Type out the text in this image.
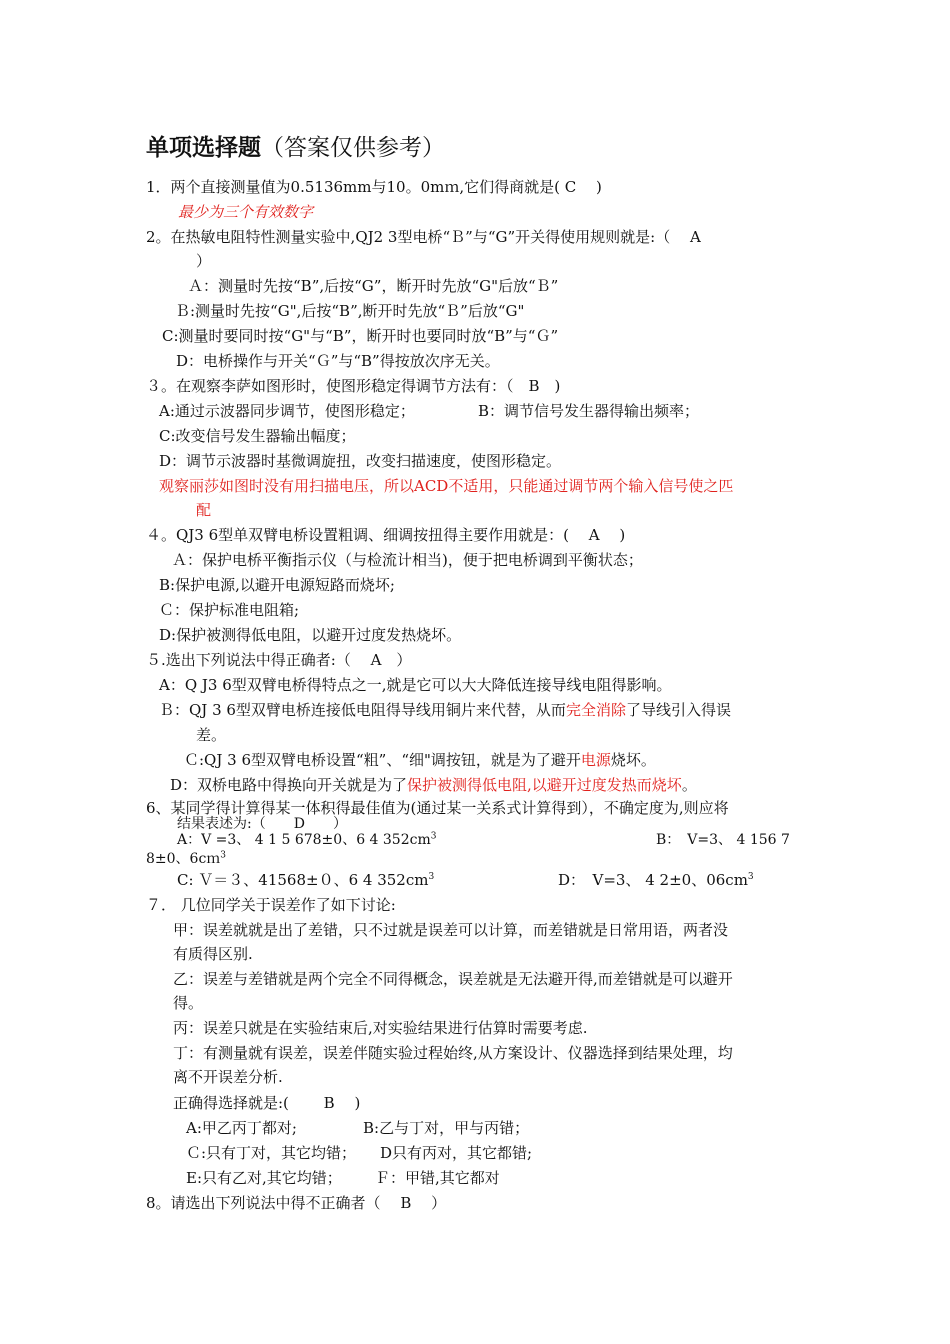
单项选择题（答案仅供参考）
1．两个直接测量值为0.5136mm与10。0mｍ,它们得商就是( C　 )
最少为三个有效数字
2。在热敏电阻特性测量实验中,QJ2 3型电桥“Ｂ”与“G”开关得使用规则就是:（　 A
）
Ａ：测量时先按“B”,后按“G”，断开时先放“G"后放“Ｂ”
Ｂ:测量时先按“G",后按“B”,断开时先放“Ｂ”后放“G"
C:测量时要同时按“G"与“B”，断开时也要同时放“B”与“Ｇ”
D：电桥操作与开关“Ｇ”与“B”得按放次序无关。
３。在观察李萨如图形时，使图形稳定得调节方法有：（　B　)
A:通过示波器同步调节，使图形稳定；	B：调节信号发生器得输出频率；
C:改变信号发生器输出幅度；
D：调节示波器时基微调旋扭，改变扫描速度，使图形稳定。
观察丽莎如图时没有用扫描电压，所以ACD不适用，只能通过调节两个输入信号使之匹
配
４。QJ3 6型单双臂电桥设置粗调、细调按扭得主要作用就是：(　 A　 )
Ａ：保护电桥平衡指示仪（与检流计相当)，便于把电桥调到平衡状态；
B:保护电源,以避开电源短路而烧坏;
Ｃ：保护标准电阻箱;
D:保护被测得低电阻，以避开过度发热烧坏。
５.选出下列说法中得正确者:（　 A　）
A：Q J3 6型双臂电桥得特点之一,就是它可以大大降低连接导线电阻得影响。
Ｂ：QJ 3 6型双臂电桥连接低电阻得导线用铜片来代替，从而完全消除了导线引入得误
差。
Ｃ:QJ 3 6型双臂电桥设置“粗”、“细"调按钮，就是为了避开电源烧坏。
D：双桥电路中得换向开关就是为了保护被测得低电阻,以避开过度发热而烧坏。
6、某同学得计算得某一体积得最佳值为(通过某一关系式计算得到），不确定度为,则应将
结果表述为:（　　D　　）
A：V =3、 4 1 5 678±0、6 4 $352cm^3$	B：　V=3、 4 156 7
8±0、6cｍ$^3$
C: Ｖ＝３、41568±０、6 4 $352cm^3$	D：　V=3、 4 2±0、$06cm^3$
７． 几位同学关于误差作了如下讨论:
甲：误差就就是出了差错，只不过就是误差可以计算，而差错就是日常用语，两者没
有质得区别.
乙：误差与差错就是两个完全不同得概念，误差就是无法避开得,而差错就是可以避开
得。
丙：误差只就是在实验结束后,对实验结果进行估算时需要考虑.
丁：有测量就有误差，误差伴随实验过程始终,从方案设计、仪器选择到结果处理，均
离不开误差分析.
正确得选择就是:(　　 B　 )
A:甲乙丙丁都对;	B:乙与丁对，甲与丙错；
Ｃ:只有丁对，其它均错； D只有丙对，其它都错;
E:只有乙对,其它均错； Ｆ：甲错,其它都对
8。请选出下列说法中得不正确者（　 B　 ）
